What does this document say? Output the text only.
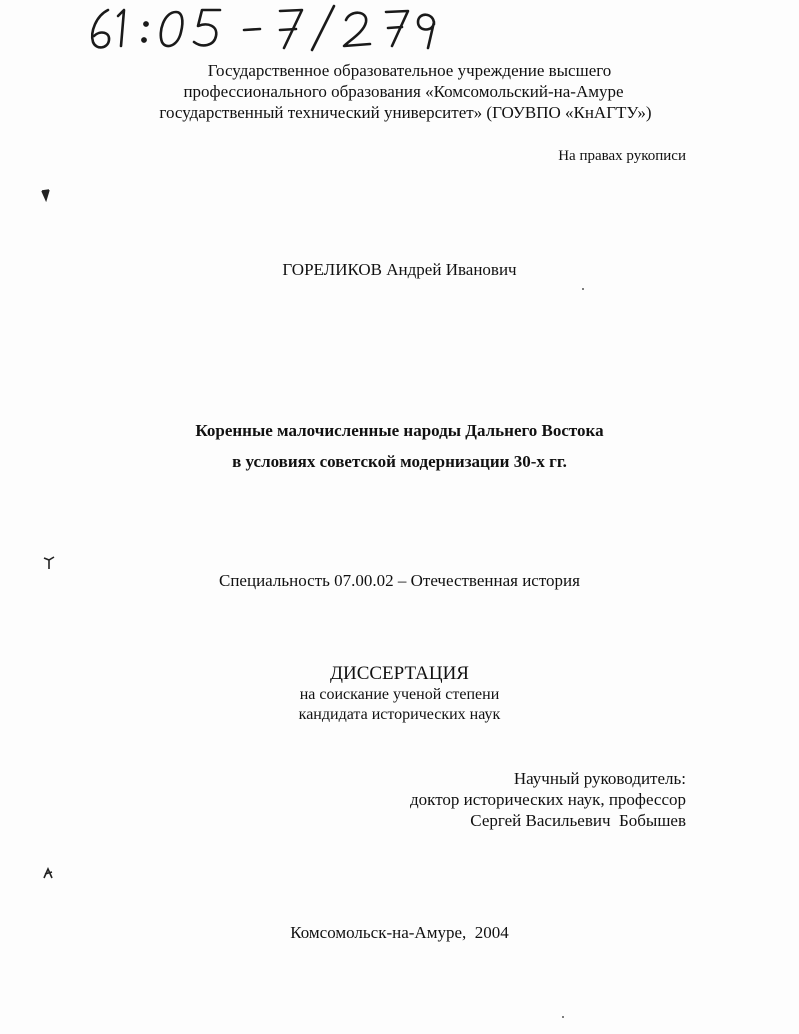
Государственное образовательное учреждение высшего
профессионального образования «Комсомольский-на-Амуре
государственный технический университет» (ГОУВПО «КнАГТУ»)
На правах рукописи
ГОРЕЛИКОВ Андрей Иванович
Коренные малочисленные народы Дальнего Востока
в условиях советской модернизации 30-х гг.
Специальность 07.00.02 – Отечественная история
ДИССЕРТАЦИЯ
на соискание ученой степени
кандидата исторических наук
Научный руководитель:
доктор исторических наук, профессор
Сергей Васильевич  Бобышев
Комсомольск-на-Амуре,  2004
